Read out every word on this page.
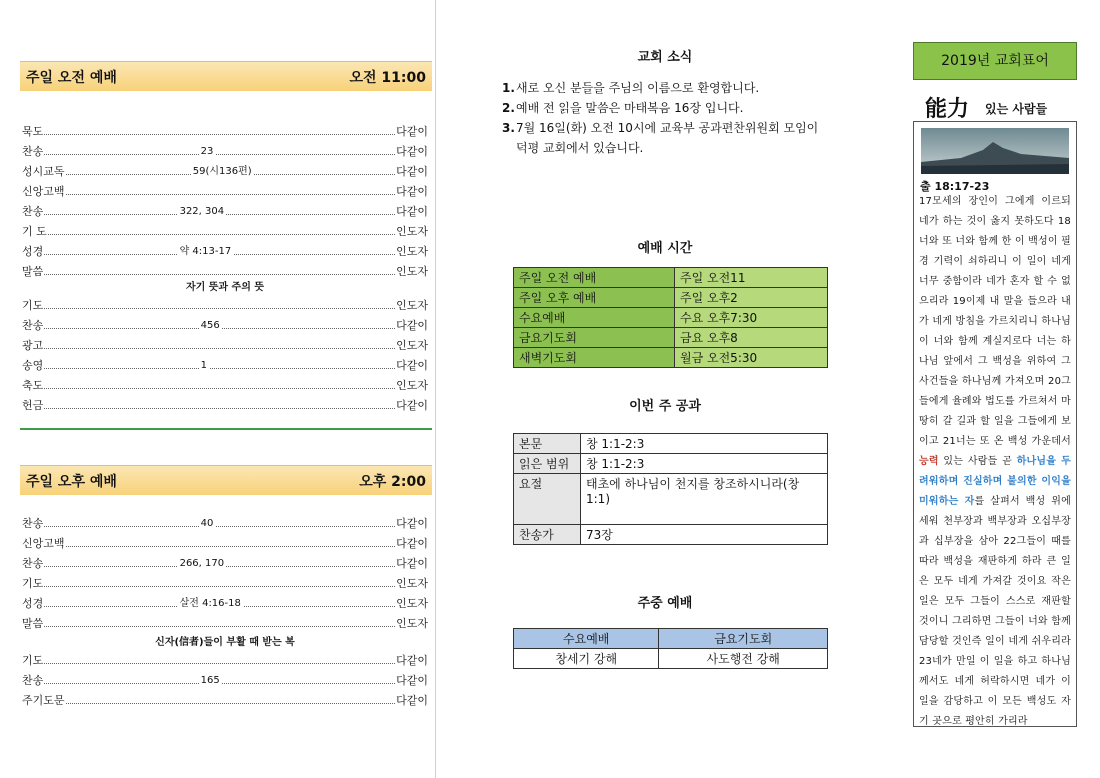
주일 오전 예배	오전 11:00
묵도	다같이
찬송	23	다같이
성시교독	59(시136편)	다같이
신앙고백	다같이
찬송	322, 304	다같이
기 도	인도자
성경	약 4:13-17	인도자
말씀	인도자
자기 뜻과 주의 뜻
기도	인도자
찬송	456	다같이
광고	인도자
송영	1	다같이
축도	인도자
헌금	다같이
주일 오후 예배	오후 2:00
찬송	40	다같이
신앙고백	다같이
찬송	266, 170	다같이
기도	인도자
성경	살전 4:16-18	인도자
말씀	인도자
신자(信者)들이 부활 때 받는 복
기도	다같이
찬송	165	다같이
주기도문	다같이
교회 소식
1. 새로 오신 분들을 주님의 이름으로 환영합니다.
2. 예배 전 읽을 말씀은 마태복음 16장 입니다.
3. 7월 16일(화) 오전 10시에 교육부 공과편찬위원회 모임이 덕평 교회에서 있습니다.
예배 시간
주일 오전 예배	주일 오전11
주일 오후 예배	주일 오후2
수요예배	수요 오후7:30
금요기도회	금요 오후8
새벽기도회	월금 오전5:30
이번 주 공과
본문	창 1:1-2:3
읽은 범위	창 1:1-2:3
요절	태초에 하나님이 천지를 창조하시니라(창 1:1)
찬송가	73장
주중 예배
수요예배	금요기도회
창세기 강해	사도행전 강해
2019년 교회표어
能力 있는 사람들
출 18:17-23
17모세의 장인이 그에게 이르되 네가 하는 것이 옳지 못하도다 18너와 또 너와 함께 한 이 백성이 필경 기력이 쇠하리니 이 일이 네게 너무 중함이라 네가 혼자 할 수 없으리라 19이제 내 말을 들으라 내가 네게 방침을 가르치리니 하나님이 너와 함께 계실지로다 너는 하나님 앞에서 그 백성을 위하여 그 사건들을 하나님께 가져오며 20그들에게 율례와 법도를 가르쳐서 마땅히 갈 길과 할 일을 그들에게 보이고 21너는 또 온 백성 가운데서 능력 있는 사람들 곧 하나님을 두려워하며 진실하며 불의한 이익을 미워하는 자를 살펴서 백성 위에 세워 천부장과 백부장과 오십부장과 십부장을 삼아 22그들이 때를 따라 백성을 재판하게 하라 큰 일은 모두 네게 가져갈 것이요 작은 일은 모두 그들이 스스로 재판할 것이니 그리하면 그들이 너와 함께 담당할 것인즉 일이 네게 쉬우리라 23네가 만일 이 일을 하고 하나님께서도 네게 허락하시면 네가 이 일을 감당하고 이 모든 백성도 자기 곳으로 평안히 가리라
